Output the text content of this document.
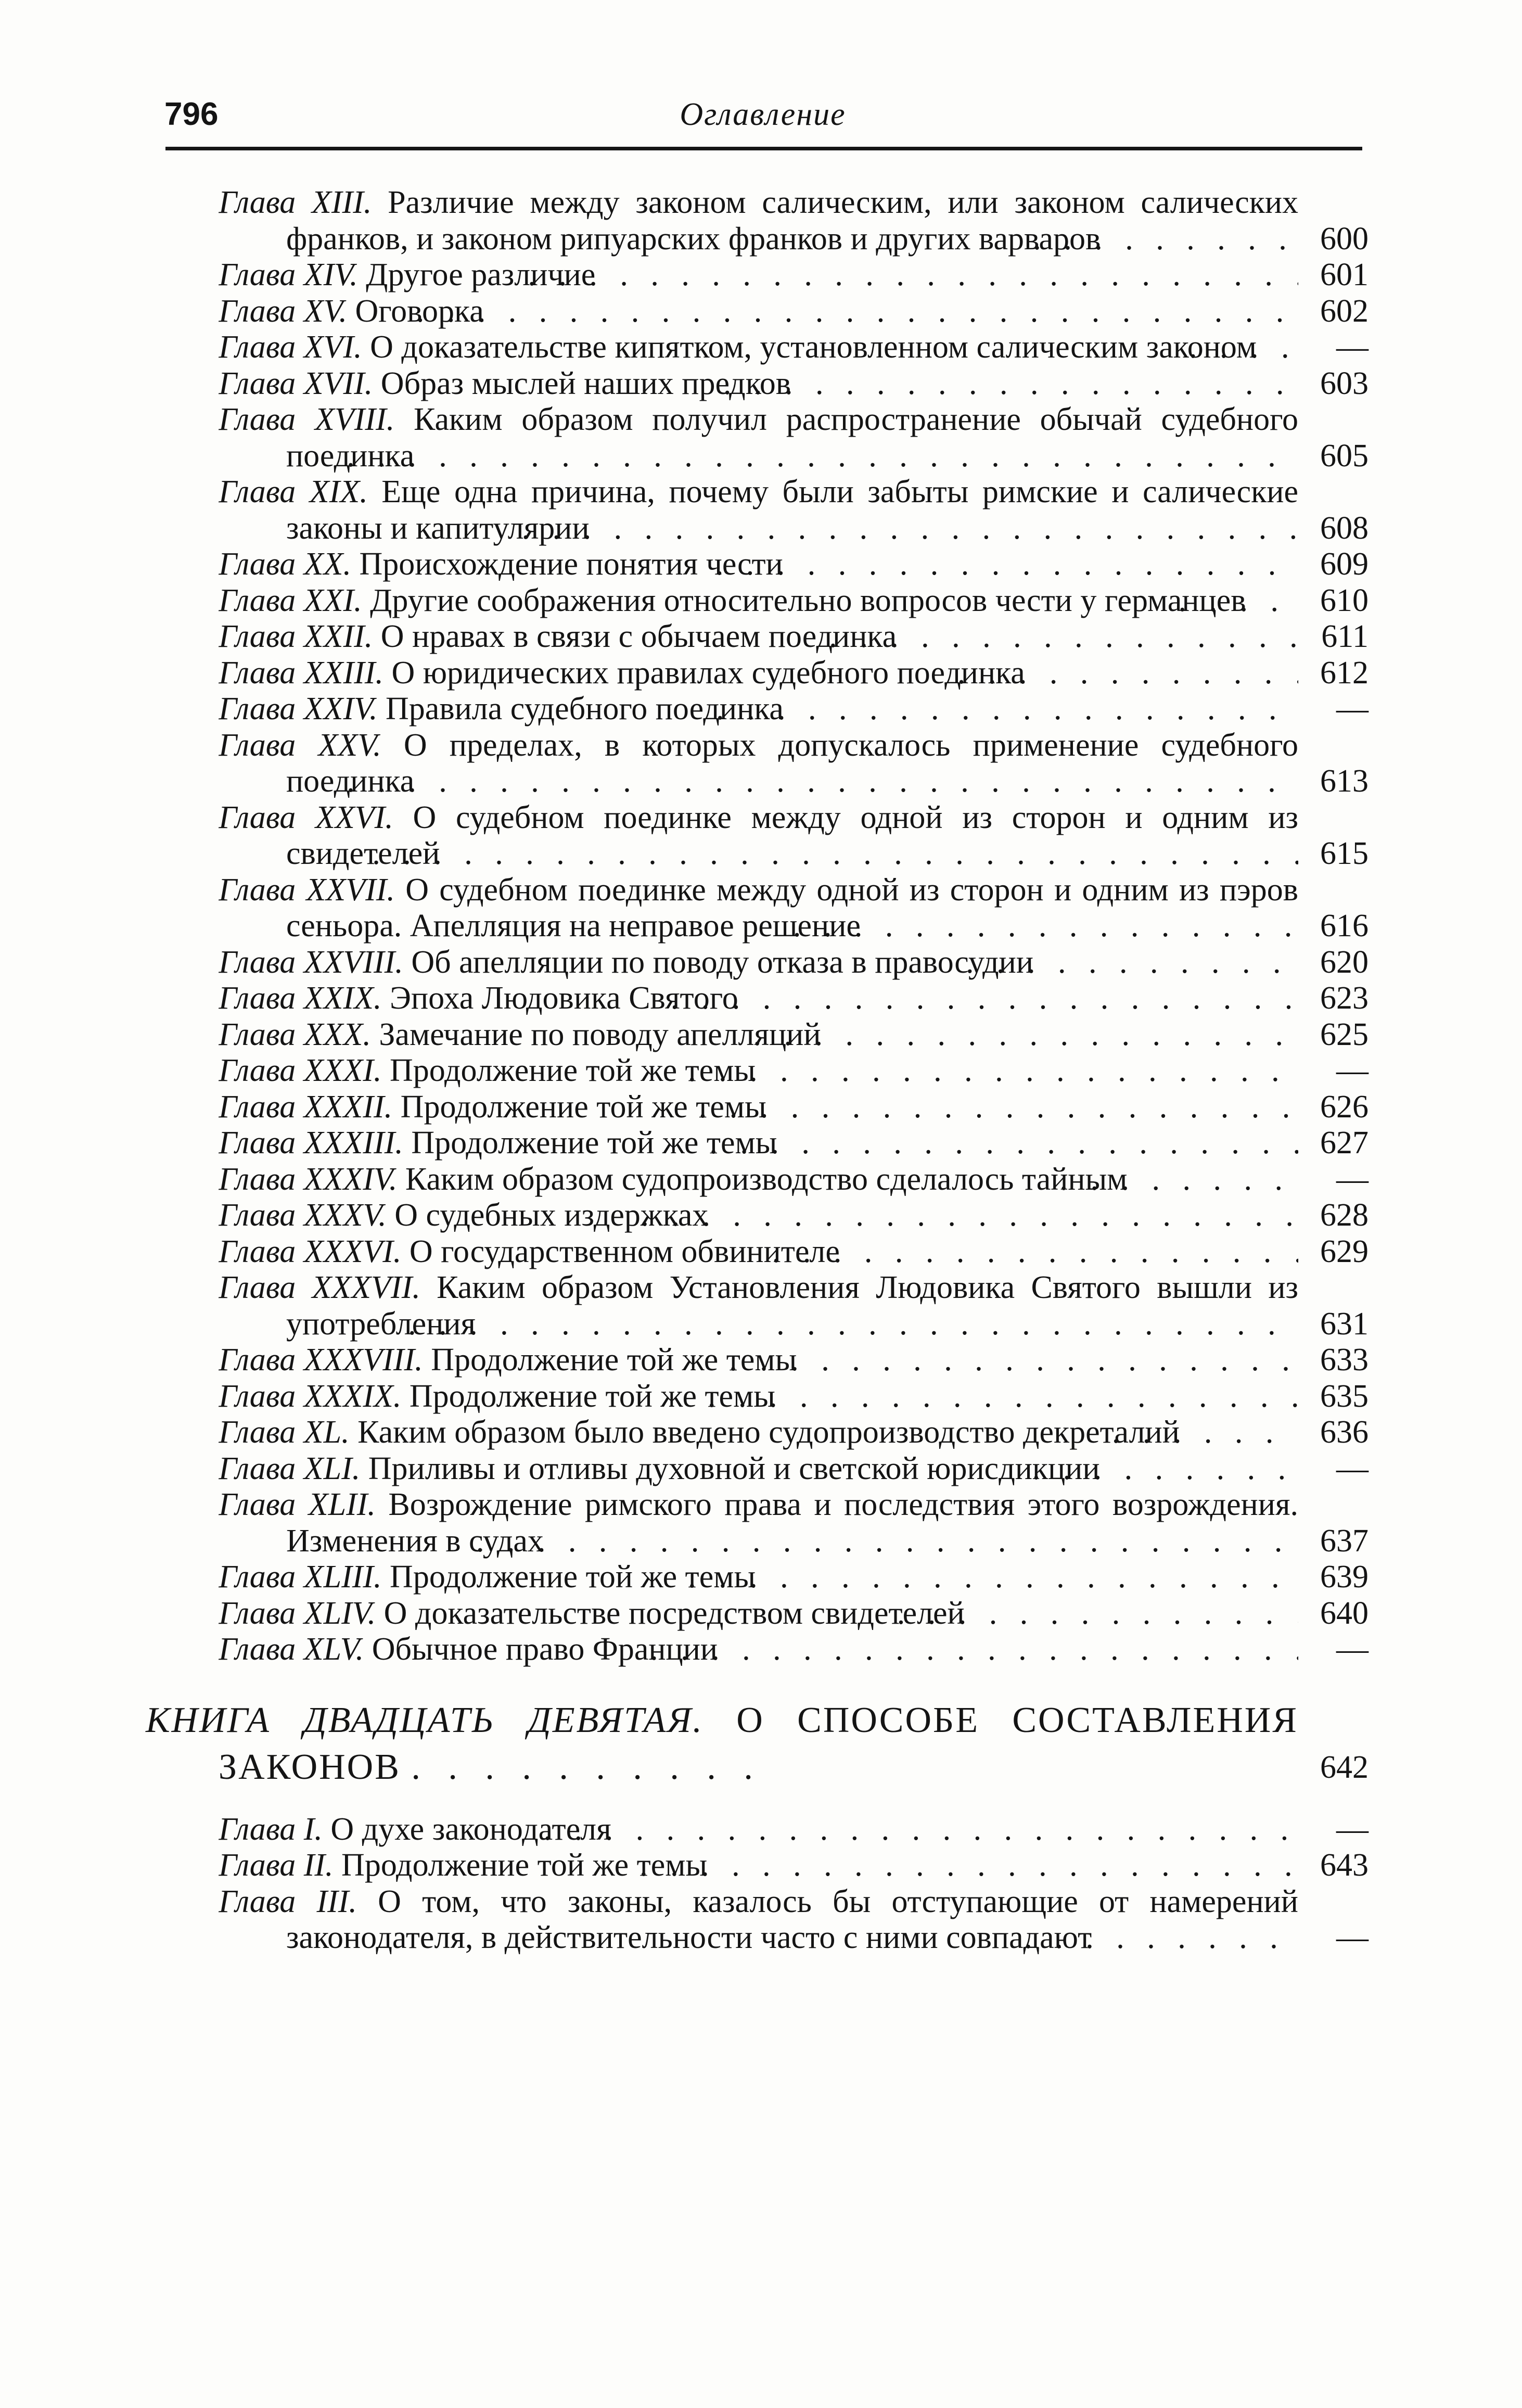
796	Оглавление
Глава XIII. Различие между законом салическим, или законом салических франков, и законом рипуарских франков и других варваров . . .	600
Глава XIV. Другое различие . . .	601
Глава XV. Оговорка . . .	602
Глава XVI. О доказательстве кипятком, установленном салическим законом . . .	—
Глава XVII. Образ мыслей наших предков . . .	603
Глава XVIII. Каким образом получил распространение обычай судебного поединка . . .	605
Глава XIX. Еще одна причина, почему были забыты римские и салические законы и капитулярии . . .	608
Глава XX. Происхождение понятия чести . . .	609
Глава XXI. Другие соображения относительно вопросов чести у германцев . . .	610
Глава XXII. О нравах в связи с обычаем поединка . . .	611
Глава XXIII. О юридических правилах судебного поединка . . .	612
Глава XXIV. Правила судебного поединка . . .	—
Глава XXV. О пределах, в которых допускалось применение судебного поединка . . .	613
Глава XXVI. О судебном поединке между одной из сторон и одним из свидетелей . . .	615
Глава XXVII. О судебном поединке между одной из сторон и одним из пэров сеньора. Апелляция на неправое решение . . .	616
Глава XXVIII. Об апелляции по поводу отказа в правосудии . . .	620
Глава XXIX. Эпоха Людовика Святого . . .	623
Глава XXX. Замечание по поводу апелляций . . .	625
Глава XXXI. Продолжение той же темы . . .	—
Глава XXXII. Продолжение той же темы . . .	626
Глава XXXIII. Продолжение той же темы . . .	627
Глава XXXIV. Каким образом судопроизводство сделалось тайным . . .	—
Глава XXXV. О судебных издержках . . .	628
Глава XXXVI. О государственном обвинителе . . .	629
Глава XXXVII. Каким образом Установления Людовика Святого вышли из употребления . . .	631
Глава XXXVIII. Продолжение той же темы . . .	633
Глава XXXIX. Продолжение той же темы . . .	635
Глава XL. Каким образом было введено судопроизводство декреталий . . .	636
Глава XLI. Приливы и отливы духовной и светской юрисдикции . . .	—
Глава XLII. Возрождение римского права и последствия этого возрождения. Изменения в судах . . .	637
Глава XLIII. Продолжение той же темы . . .	639
Глава XLIV. О доказательстве посредством свидетелей . . .	640
Глава XLV. Обычное право Франции . . .	—
КНИГА ДВАДЦАТЬ ДЕВЯТАЯ. О СПОСОБЕ СОСТАВЛЕНИЯ ЗАКОНОВ . . . . . . . . . .	642
Глава I. О духе законодателя . . .	—
Глава II. Продолжение той же темы . . .	643
Глава III. О том, что законы, казалось бы отступающие от намерений законодателя, в действительности часто с ними совпадают . . .	—
